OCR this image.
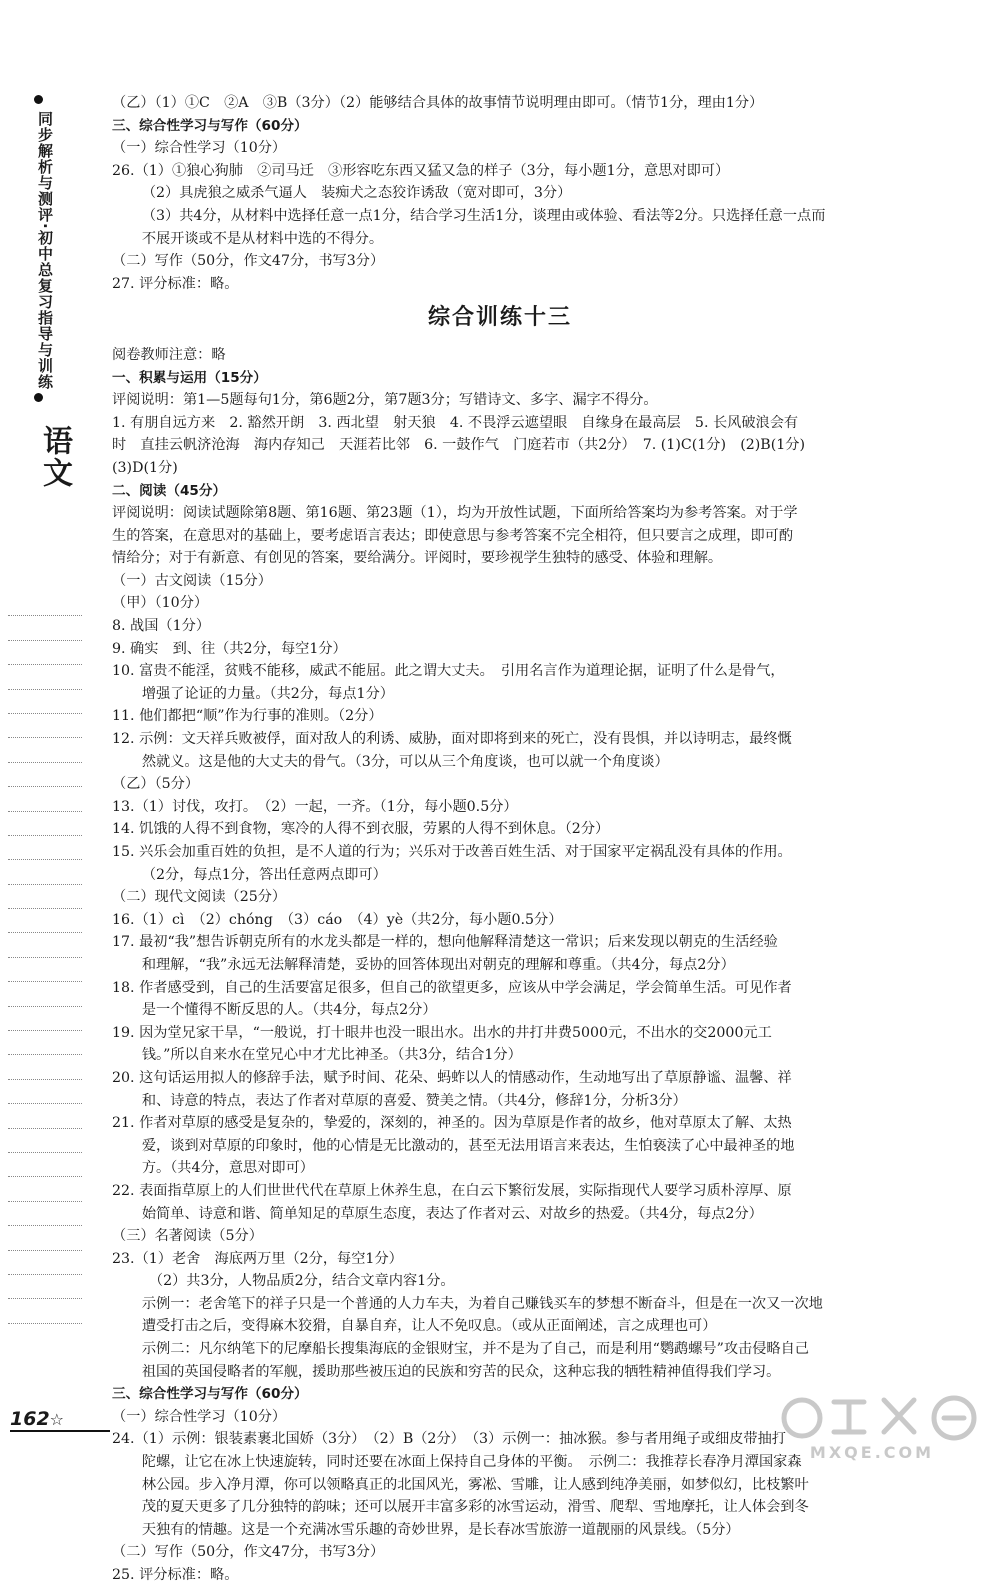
同步解析与测评·初中总复习指导与训练
语文

（乙）（1）①C　②A　③B（3分）（2）能够结合具体的故事情节说明理由即可。（情节1分，理由1分）

三、综合性学习与写作（60分）

（一）综合性学习（10分）

26.（1）①狼心狗肺　②司马迁　③形容吃东西又猛又急的样子（3分，每小题1分，意思对即可）

（2）具虎狼之威杀气逼人　装痴犬之态狡诈诱敌（宽对即可，3分）

（3）共4分，从材料中选择任意一点1分，结合学习生活1分，谈理由或体验、看法等2分。只选择任意一点而

不展开谈或不是从材料中选的不得分。

（二）写作（50分，作文47分，书写3分）

27. 评分标准：略。

综合训练十三

阅卷教师注意：略

一、积累与运用（15分）

评阅说明：第1—5题每句1分，第6题2分，第7题3分；写错诗文、多字、漏字不得分。

1. 有朋自远方来　2. 豁然开朗　3. 西北望　射天狼　4. 不畏浮云遮望眼　自缘身在最高层　5. 长风破浪会有

时　直挂云帆济沧海　海内存知己　天涯若比邻　6. 一鼓作气　门庭若市（共2分）　7. (1)C(1分)　(2)B(1分)

(3)D(1分)

二、阅读（45分）

评阅说明：阅读试题除第8题、第16题、第23题（1），均为开放性试题，下面所给答案均为参考答案。对于学

生的答案，在意思对的基础上，要考虑语言表达；即使意思与参考答案不完全相符，但只要言之成理，即可酌

情给分；对于有新意、有创见的答案，要给满分。评阅时，要珍视学生独特的感受、体验和理解。

（一）古文阅读（15分）

（甲）（10分）

8. 战国（1分）

9. 确实　到、往（共2分，每空1分）

10. 富贵不能淫，贫贱不能移，威武不能屈。此之谓大丈夫。　引用名言作为道理论据，证明了什么是骨气，

增强了论证的力量。（共2分，每点1分）

11. 他们都把“顺”作为行事的准则。（2分）

12. 示例：文天祥兵败被俘，面对敌人的利诱、威胁，面对即将到来的死亡，没有畏惧，并以诗明志，最终慨

然就义。这是他的大丈夫的骨气。（3分，可以从三个角度谈，也可以就一个角度谈）

（乙）（5分）

13.（1）讨伐，攻打。　（2）一起，一齐。（1分，每小题0.5分）

14. 饥饿的人得不到食物，寒冷的人得不到衣服，劳累的人得不到休息。（2分）

15. 兴乐会加重百姓的负担，是不人道的行为；兴乐对于改善百姓生活、对于国家平定祸乱没有具体的作用。

（2分，每点1分，答出任意两点即可）

（二）现代文阅读（25分）

16.（1）cì　（2）chóng　（3）cáo　（4）yè（共2分，每小题0.5分）

17. 最初“我”想告诉朝克所有的水龙头都是一样的，想向他解释清楚这一常识；后来发现以朝克的生活经验

和理解，“我”永远无法解释清楚，妥协的回答体现出对朝克的理解和尊重。（共4分，每点2分）

18. 作者感受到，自己的生活要富足很多，但自己的欲望更多，应该从中学会满足，学会简单生活。可见作者

是一个懂得不断反思的人。（共4分，每点2分）

19. 因为堂兄家干旱，“一般说，打十眼井也没一眼出水。出水的井打井费5000元，不出水的交2000元工

钱。”所以自来水在堂兄心中才尤比神圣。（共3分，结合1分）

20. 这句话运用拟人的修辞手法，赋予时间、花朵、蚂蚱以人的情感动作，生动地写出了草原静谧、温馨、祥

和、诗意的特点，表达了作者对草原的喜爱、赞美之情。（共4分，修辞1分，分析3分）

21. 作者对草原的感受是复杂的，挚爱的，深刻的，神圣的。因为草原是作者的故乡，他对草原太了解、太热

爱，谈到对草原的印象时，他的心情是无比激动的，甚至无法用语言来表达，生怕亵渎了心中最神圣的地

方。（共4分，意思对即可）

22. 表面指草原上的人们世世代代在草原上休养生息，在白云下繁衍发展，实际指现代人要学习质朴淳厚、原

始简单、诗意和谐、简单知足的草原生态度，表达了作者对云、对故乡的热爱。（共4分，每点2分）

（三）名著阅读（5分）

23.（1）老舍　海底两万里（2分，每空1分）

（2）共3分，人物品质2分，结合文章内容1分。

示例一：老舍笔下的祥子只是一个普通的人力车夫，为着自己赚钱买车的梦想不断奋斗，但是在一次又一次地

遭受打击之后，变得麻木狡猾，自暴自弃，让人不免叹息。（或从正面阐述，言之成理也可）

示例二：凡尔纳笔下的尼摩船长搜集海底的金银财宝，并不是为了自己，而是利用“鹦鹉螺号”攻击侵略自己

祖国的英国侵略者的军舰，援助那些被压迫的民族和穷苦的民众，这种忘我的牺牲精神值得我们学习。

三、综合性学习与写作（60分）

（一）综合性学习（10分）

24.（1）示例：银装素裹北国娇（3分）　（2）B（2分）　（3）示例一：抽冰猴。参与者用绳子或细皮带抽打

陀螺，让它在冰上快速旋转，同时还要在冰面上保持自己身体的平衡。　示例二：我推荐长春净月潭国家森

林公园。步入净月潭，你可以领略真正的北国风光，雾凇、雪雕，让人感到纯净美丽，如梦似幻，比枝繁叶

茂的夏天更多了几分独特的韵味；还可以展开丰富多彩的冰雪运动，滑雪、爬犁、雪地摩托，让人体会到冬

天独有的情趣。这是一个充满冰雪乐趣的奇妙世界，是长春冰雪旅游一道靓丽的风景线。（5分）

（二）写作（50分，作文47分，书写3分）

25. 评分标准：略。

162☆
MXQE.COM
